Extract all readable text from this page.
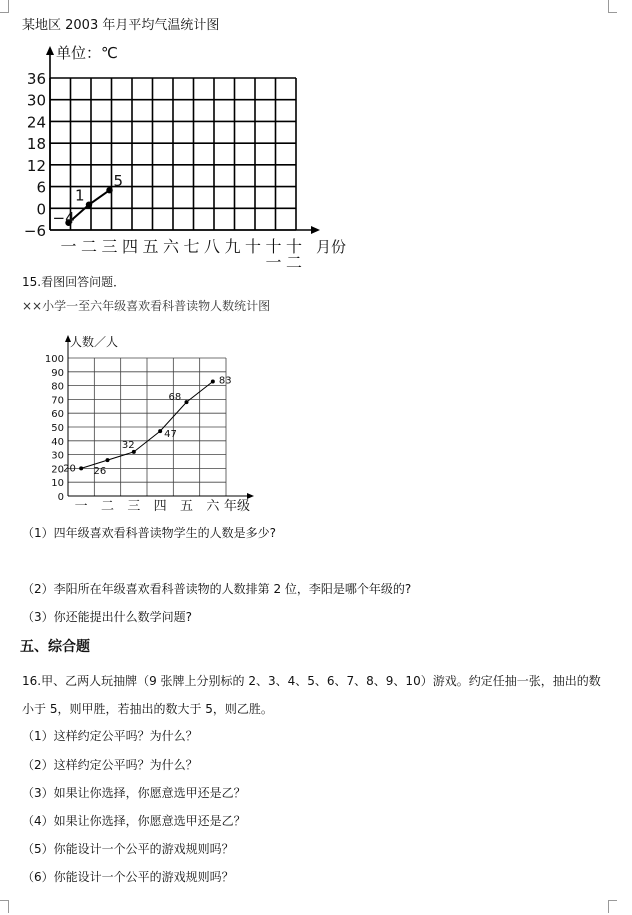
某地区 2003 年月平均气温统计图
单位：℃
月份
36
30
24
18
12
6
0
−6
一 二 三 四 五 六 七 八 九 十 十
一
十
二
−4
1
5
15.看图回答问题．
××小学一至六年级喜欢看科普读物人数统计图
人数／人
年级
100
90
80
70
60
50
40
30
20
10
0
一 二 三 四 五 六
20 26
32
47
68
83
（1）四年级喜欢看科普读物学生的人数是多少?
（2）李阳所在年级喜欢看科普读物的人数排第 2 位，李阳是哪个年级的?
（3）你还能提出什么数学问题?
五、综合题
16.甲、乙两人玩抽牌（9 张牌上分别标的 2、3、4、5、6、7、8、9、10）游戏。约定任抽一张，抽出的数
小于 5，则甲胜，若抽出的数大于 5，则乙胜。
（1）这样约定公平吗？为什么？
（2）这样约定公平吗？为什么？
（3）如果让你选择，你愿意选甲还是乙？
（4）如果让你选择，你愿意选甲还是乙？
（5）你能设计一个公平的游戏规则吗？
（6）你能设计一个公平的游戏规则吗？
